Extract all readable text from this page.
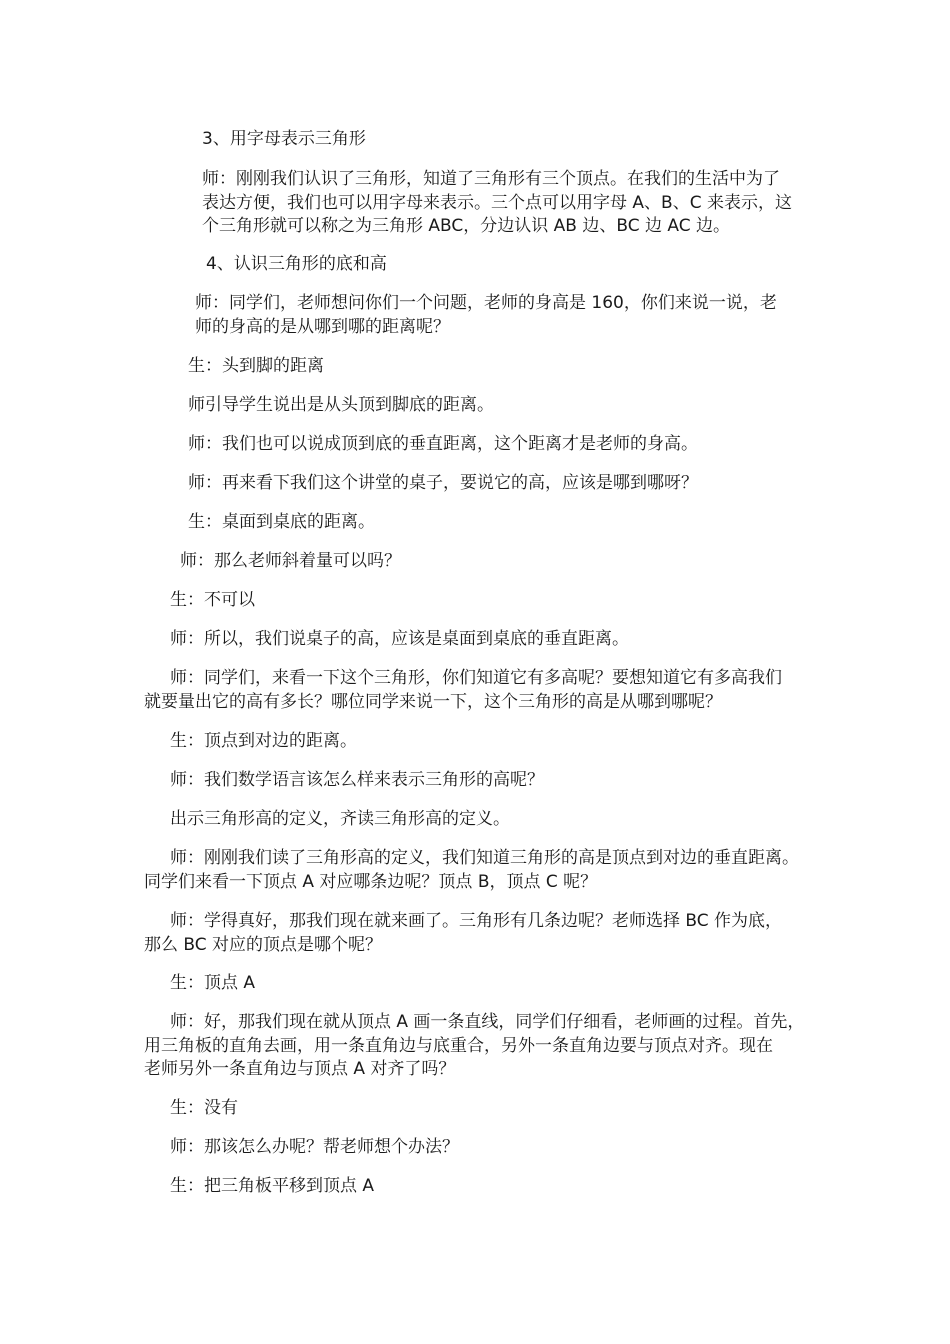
3、用字母表示三角形
师：刚刚我们认识了三角形，知道了三角形有三个顶点。在我们的生活中为了
表达方便，我们也可以用字母来表示。三个点可以用字母 A、B、C 来表示，这
个三角形就可以称之为三角形 ABC，分边认识 AB 边、BC 边 AC 边。
4、认识三角形的底和高
师：同学们，老师想问你们一个问题，老师的身高是 160，你们来说一说，老
师的身高的是从哪到哪的距离呢？
生：头到脚的距离
师引导学生说出是从头顶到脚底的距离。
师：我们也可以说成顶到底的垂直距离，这个距离才是老师的身高。
师：再来看下我们这个讲堂的桌子，要说它的高，应该是哪到哪呀？
生：桌面到桌底的距离。
师：那么老师斜着量可以吗？
生：不可以
师：所以，我们说桌子的高，应该是桌面到桌底的垂直距离。
师：同学们，来看一下这个三角形，你们知道它有多高呢？要想知道它有多高我们
就要量出它的高有多长？哪位同学来说一下，这个三角形的高是从哪到哪呢？
生：顶点到对边的距离。
师：我们数学语言该怎么样来表示三角形的高呢？
出示三角形高的定义，齐读三角形高的定义。
师：刚刚我们读了三角形高的定义，我们知道三角形的高是顶点到对边的垂直距离。
同学们来看一下顶点 A 对应哪条边呢？顶点 B，顶点 C 呢？
师：学得真好，那我们现在就来画了。三角形有几条边呢？老师选择 BC 作为底，
那么 BC 对应的顶点是哪个呢？
生：顶点 A
师：好，那我们现在就从顶点 A 画一条直线，同学们仔细看，老师画的过程。首先，
用三角板的直角去画，用一条直角边与底重合，另外一条直角边要与顶点对齐。现在
老师另外一条直角边与顶点 A 对齐了吗？
生：没有
师：那该怎么办呢？帮老师想个办法？
生：把三角板平移到顶点 A
